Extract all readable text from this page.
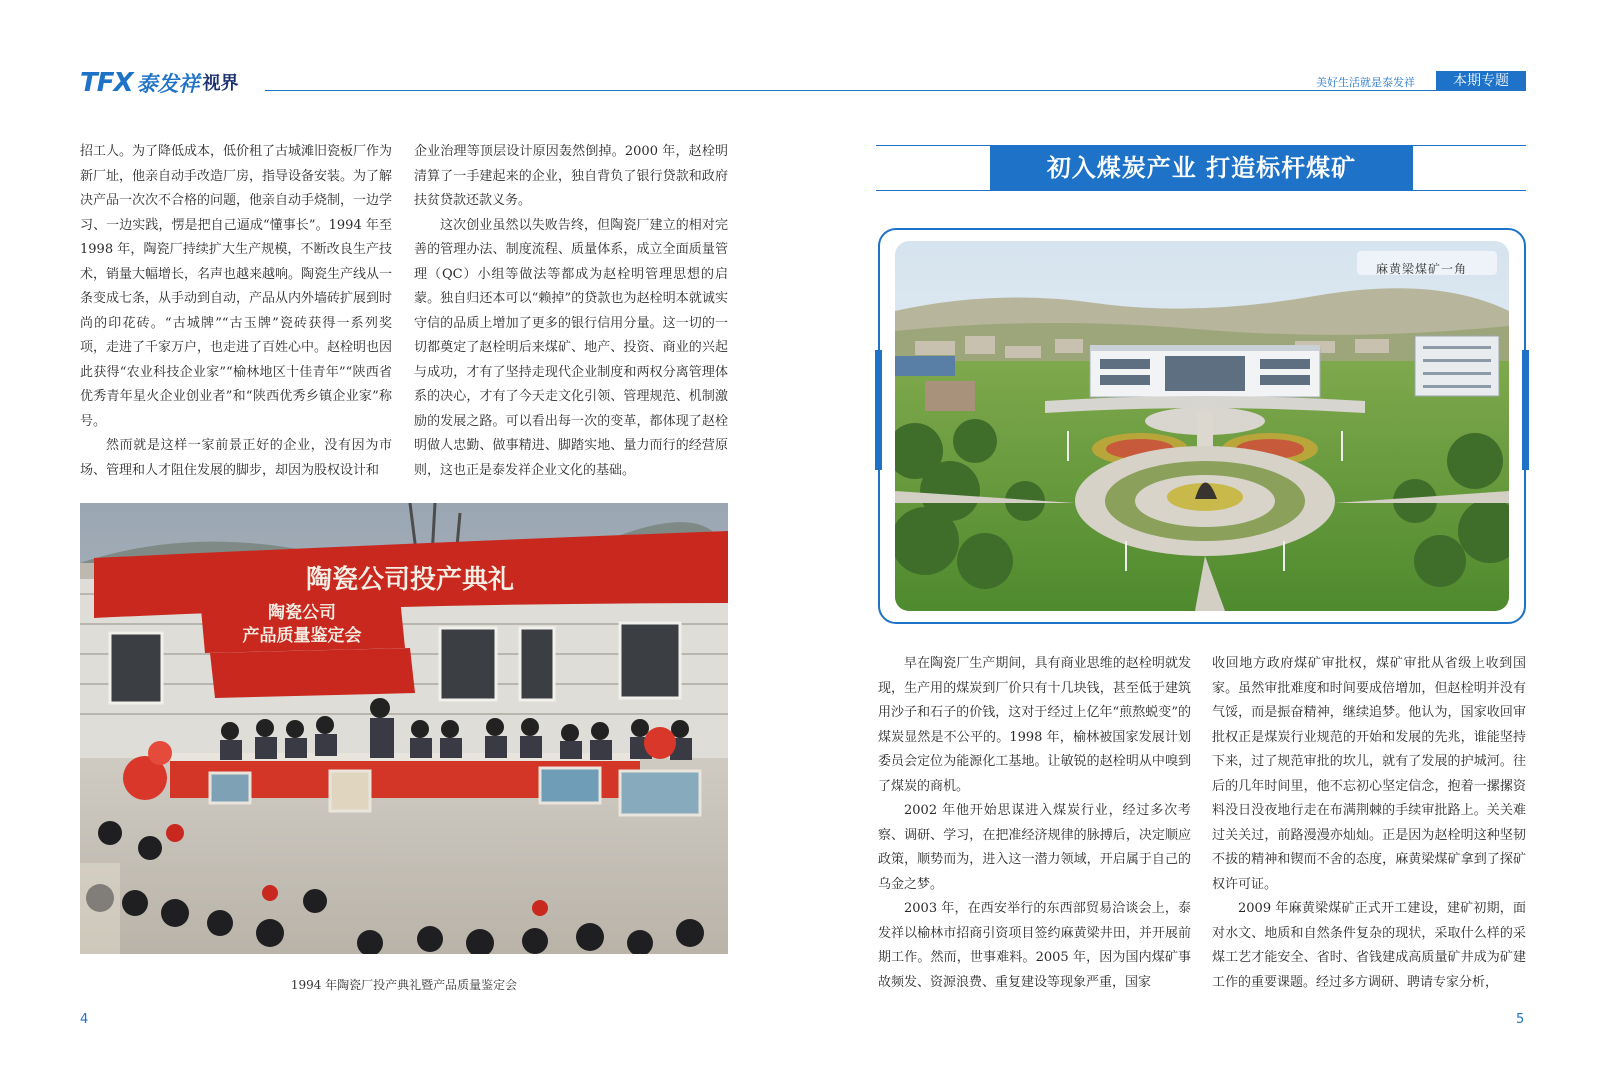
TFX 泰发祥 视界	美好生活就是泰发祥	本期专题

招工人。为了降低成本，低价租了古城滩旧瓷板厂作为新厂址，他亲自动手改造厂房，指导设备安装。为了解决产品一次次不合格的问题，他亲自动手烧制，一边学习、一边实践，愣是把自己逼成“懂事长”。1994 年至 1998 年，陶瓷厂持续扩大生产规模，不断改良生产技术，销量大幅增长，名声也越来越响。陶瓷生产线从一条变成七条，从手动到自动，产品从内外墙砖扩展到时尚的印花砖。“古城牌”“古玉牌”瓷砖获得一系列奖项，走进了千家万户，也走进了百姓心中。赵栓明也因此获得“农业科技企业家”“榆林地区十佳青年”“陕西省优秀青年星火企业创业者”和“陕西优秀乡镇企业家”称号。

然而就是这样一家前景正好的企业，没有因为市场、管理和人才阻住发展的脚步，却因为股权设计和

企业治理等顶层设计原因轰然倒掉。2000 年，赵栓明清算了一手建起来的企业，独自背负了银行贷款和政府扶贫贷款还款义务。

这次创业虽然以失败告终，但陶瓷厂建立的相对完善的管理办法、制度流程、质量体系，成立全面质量管理（QC）小组等做法等都成为赵栓明管理思想的启蒙。独自归还本可以“赖掉”的贷款也为赵栓明本就诚实守信的品质上增加了更多的银行信用分量。这一切的一切都奠定了赵栓明后来煤矿、地产、投资、商业的兴起与成功，才有了坚持走现代企业制度和两权分离管理体系的决心，才有了今天走文化引领、管理规范、机制激励的发展之路。可以看出每一次的变革，都体现了赵栓明做人忠勤、做事精进、脚踏实地、量力而行的经营原则，这也正是泰发祥企业文化的基础。

陶瓷公司投产典礼
陶瓷公司
产品质量鉴定会
1994 年陶瓷厂投产典礼暨产品质量鉴定会
初入煤炭产业 打造标杆煤矿
麻黄梁煤矿一角

早在陶瓷厂生产期间，具有商业思维的赵栓明就发现，生产用的煤炭到厂价只有十几块钱，甚至低于建筑用沙子和石子的价钱，这对于经过上亿年“煎熬蜕变”的煤炭显然是不公平的。1998 年，榆林被国家发展计划委员会定位为能源化工基地。让敏锐的赵栓明从中嗅到了煤炭的商机。

2002 年他开始思谋进入煤炭行业，经过多次考察、调研、学习，在把准经济规律的脉搏后，决定顺应政策，顺势而为，进入这一潜力领域，开启属于自己的乌金之梦。

2003 年，在西安举行的东西部贸易洽谈会上，泰发祥以榆林市招商引资项目签约麻黄梁井田，并开展前期工作。然而，世事难料。2005 年，因为国内煤矿事故频发、资源浪费、重复建设等现象严重，国家

收回地方政府煤矿审批权，煤矿审批从省级上收到国家。虽然审批难度和时间要成倍增加，但赵栓明并没有气馁，而是振奋精神，继续追梦。他认为，国家收回审批权正是煤炭行业规范的开始和发展的先兆，谁能坚持下来，过了规范审批的坎儿，就有了发展的护城河。往后的几年时间里，他不忘初心坚定信念，抱着一摞摞资料没日没夜地行走在布满荆棘的手续审批路上。关关难过关关过，前路漫漫亦灿灿。正是因为赵栓明这种坚韧不拔的精神和锲而不舍的态度，麻黄梁煤矿拿到了探矿权许可证。

2009 年麻黄梁煤矿正式开工建设，建矿初期，面对水文、地质和自然条件复杂的现状，采取什么样的采煤工艺才能安全、省时、省钱建成高质量矿井成为矿建工作的重要课题。经过多方调研、聘请专家分析，

4	5
